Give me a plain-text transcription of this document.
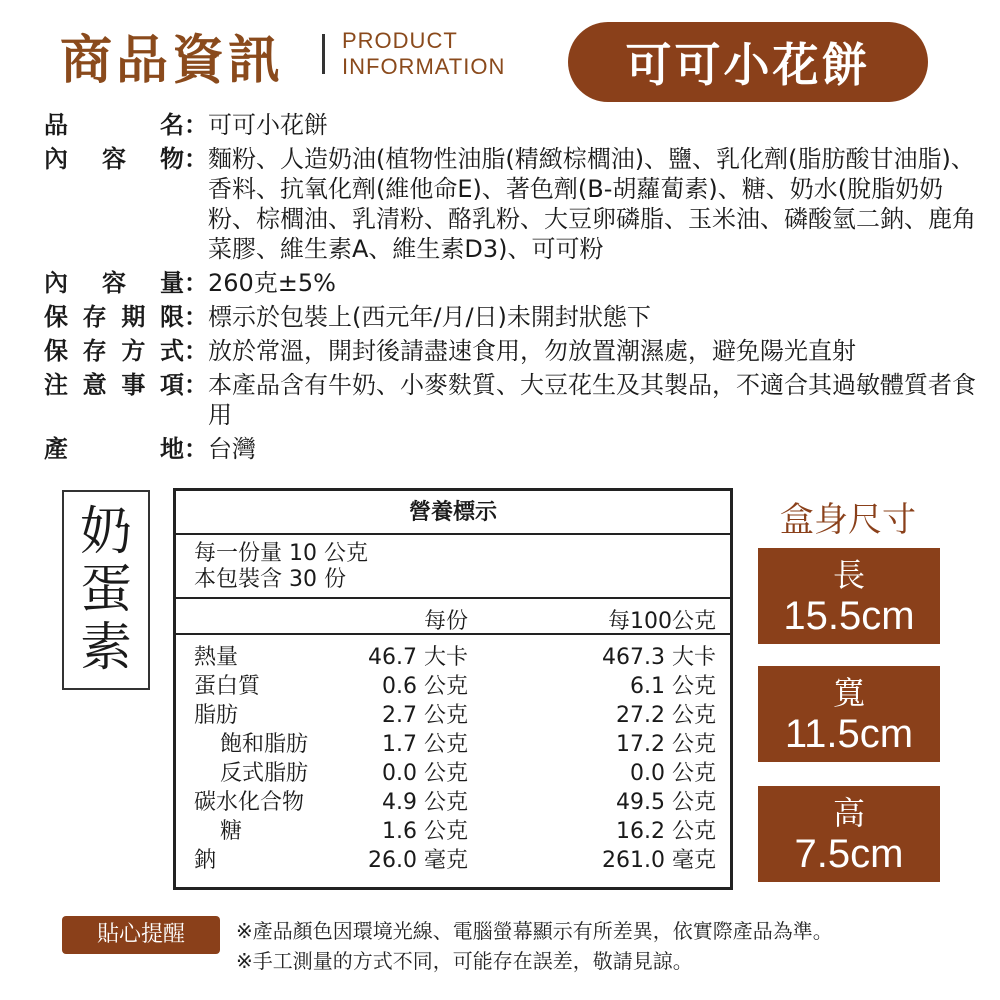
商品資訊	PRODUCT
INFORMATION	可可小花餅
品　名 ： 可可小花餅
內容物 ： 麵粉、人造奶油(植物性油脂(精緻棕櫚油)、鹽、乳化劑(脂肪酸甘油脂)、香料、抗氧化劑(維他命E)、著色劑(B-胡蘿蔔素)、糖、奶水(脫脂奶奶粉、棕櫚油、乳清粉、酪乳粉、大豆卵磷脂、玉米油、磷酸氫二鈉、鹿角菜膠、維生素A、維生素D3)、可可粉
內容量 ： 260克±5%
保存期限 ： 標示於包裝上(西元年/月/日)未開封狀態下
保存方式 ： 放於常溫，開封後請盡速食用，勿放置潮濕處，避免陽光直射
注意事項 ： 本產品含有牛奶、小麥麩質、大豆花生及其製品，不適合其過敏體質者食用
產　地 ： 台灣
奶
蛋
素
營養標示
每一份量 10 公克
本包裝含 30 份
每份	每100公克
熱量	46.7 大卡	467.3 大卡
蛋白質	0.6 公克	6.1 公克
脂肪	2.7 公克	27.2 公克
飽和脂肪	1.7 公克	17.2 公克
反式脂肪	0.0 公克	0.0 公克
碳水化合物	4.9 公克	49.5 公克
糖	1.6 公克	16.2 公克
鈉	26.0 毫克	261.0 毫克
盒身尺寸
長
15.5cm
寬
11.5cm
高
7.5cm
貼心提醒	※產品顏色因環境光線、電腦螢幕顯示有所差異，依實際產品為準。
※手工測量的方式不同，可能存在誤差，敬請見諒。
